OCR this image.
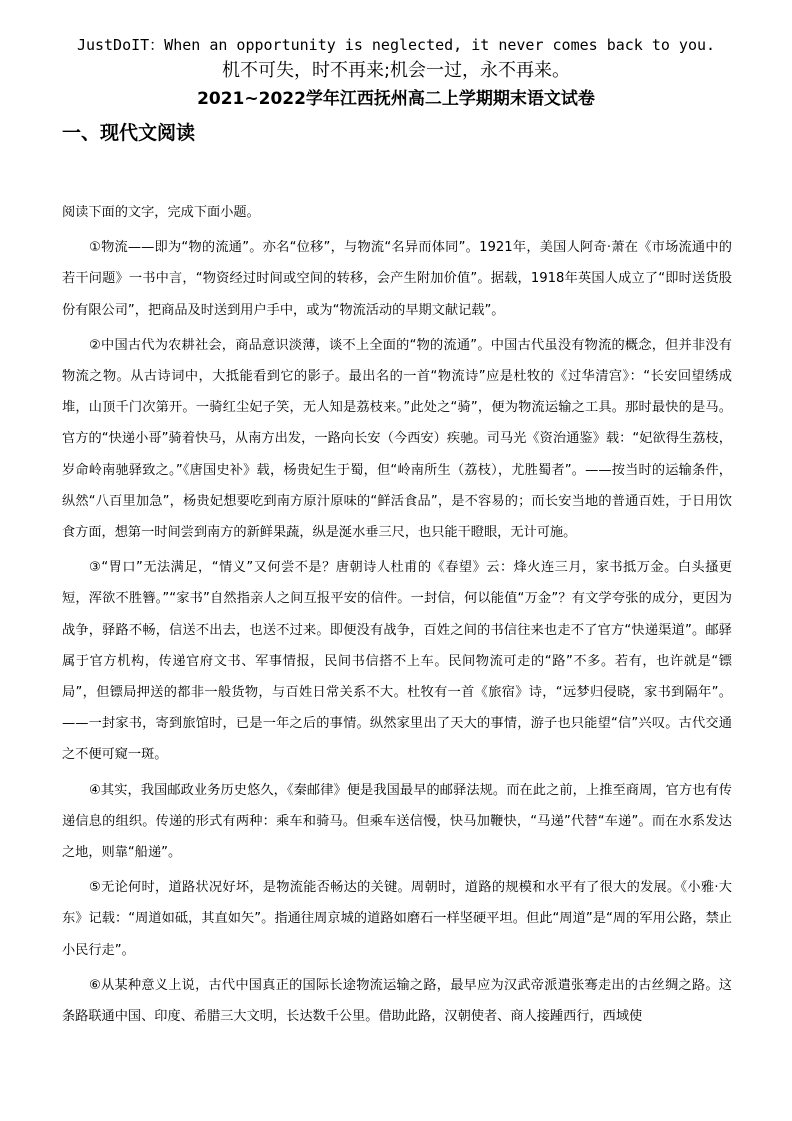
JustDoIT：When an opportunity is neglected, it never comes back to you.
机不可失，时不再来;机会一过，永不再来。
2021~2022学年江西抚州高二上学期期末语文试卷
一、现代文阅读

阅读下面的文字，完成下面小题。

①物流——即为“物的流通”。亦名“位移”，与物流“名异而体同”。1921年，美国人阿奇·萧在《市场流通中的若干问题》一书中言，“物资经过时间或空间的转移，会产生附加价值”。据载，1918年英国人成立了“即时送货股份有限公司”，把商品及时送到用户手中，或为“物流活动的早期文献记载”。

②中国古代为农耕社会，商品意识淡薄，谈不上全面的“物的流通”。中国古代虽没有物流的概念，但并非没有物流之物。从古诗词中，大抵能看到它的影子。最出名的一首“物流诗”应是杜牧的《过华清宫》：“长安回望绣成堆，山顶千门次第开。一骑红尘妃子笑，无人知是荔枝来。”此处之“骑”，便为物流运输之工具。那时最快的是马。官方的“快递小哥”骑着快马，从南方出发，一路向长安（今西安）疾驰。司马光《资治通鉴》载：“妃欲得生荔枝，岁命岭南驰驿致之。”《唐国史补》载，杨贵妃生于蜀，但“岭南所生（荔枝），尤胜蜀者”。——按当时的运输条件，纵然“八百里加急”，杨贵妃想要吃到南方原汁原味的“鲜活食品”，是不容易的；而长安当地的普通百姓，于日用饮食方面，想第一时间尝到南方的新鲜果蔬，纵是涎水垂三尺，也只能干瞪眼，无计可施。

③“胃口”无法满足，“情义”又何尝不是？唐朝诗人杜甫的《春望》云：烽火连三月，家书抵万金。白头搔更短，浑欲不胜簪。”“家书”自然指亲人之间互报平安的信件。一封信，何以能值“万金”？有文学夸张的成分，更因为战争，驿路不畅，信送不出去，也送不过来。即便没有战争，百姓之间的书信往来也走不了官方“快递渠道”。邮驿属于官方机构，传递官府文书、军事情报，民间书信搭不上车。民间物流可走的“路”不多。若有，也许就是“镖局”，但镖局押送的都非一般货物，与百姓日常关系不大。杜牧有一首《旅宿》诗，“远梦归侵晓，家书到隔年”。——一封家书，寄到旅馆时，已是一年之后的事情。纵然家里出了天大的事情，游子也只能望“信”兴叹。古代交通之不便可窥一斑。

④其实，我国邮政业务历史悠久，《秦邮律》便是我国最早的邮驿法规。而在此之前，上推至商周，官方也有传递信息的组织。传递的形式有两种：乘车和骑马。但乘车送信慢，快马加鞭快，“马递”代替“车递”。而在水系发达之地，则靠“船递”。

⑤无论何时，道路状况好坏，是物流能否畅达的关键。周朝时，道路的规模和水平有了很大的发展。《小雅·大东》记载：“周道如砥，其直如矢”。指通往周京城的道路如磨石一样坚硬平坦。但此“周道”是“周的军用公路，禁止小民行走”。

⑥从某种意义上说，古代中国真正的国际长途物流运输之路，最早应为汉武帝派遣张骞走出的古丝绸之路。这条路联通中国、印度、希腊三大文明，长达数千公里。借助此路，汉朝使者、商人接踵西行，西域使
